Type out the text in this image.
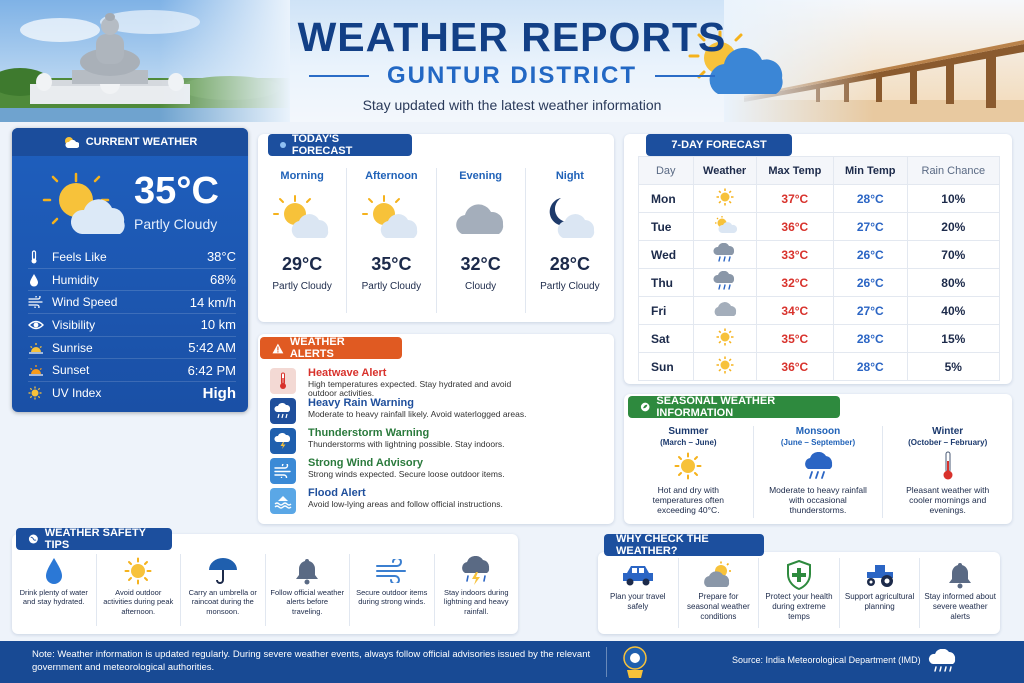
WEATHER REPORTS
GUNTUR DISTRICT
Stay updated with the latest weather information
CURRENT WEATHER
35°C
Partly Cloudy
Feels Like	38°C
Humidity	68%
Wind Speed	14 km/h
Visibility	10 km
Sunrise	5:42 AM
Sunset	6:42 PM
UV Index	High
TODAY'S FORECAST
Morning
29°C
Partly Cloudy
Afternoon
35°C
Partly Cloudy
Evening
32°C
Cloudy
Night
28°C
Partly Cloudy
7-DAY FORECAST
Day	Weather	Max Temp	Min Temp	Rain Chance
Mon		37°C	28°C	10%
Tue		36°C	27°C	20%
Wed		33°C	26°C	70%
Thu		32°C	26°C	80%
Fri		34°C	27°C	40%
Sat		35°C	28°C	15%
Sun		36°C	28°C	5%
WEATHER ALERTS
Heatwave Alert
High temperatures expected. Stay hydrated and avoid outdoor activities.
Heavy Rain Warning
Moderate to heavy rainfall likely. Avoid waterlogged areas.
Thunderstorm Warning
Thunderstorms with lightning possible. Stay indoors.
Strong Wind Advisory
Strong winds expected. Secure loose outdoor items.
Flood Alert
Avoid low-lying areas and follow official instructions.
SEASONAL WEATHER INFORMATION
Summer
(March – June)
Hot and dry with temperatures often exceeding 40°C.
Monsoon
(June – September)
Moderate to heavy rainfall with occasional thunderstorms.
Winter
(October – February)
Pleasant weather with cooler mornings and evenings.
WEATHER SAFETY TIPS
Drink plenty of water and stay hydrated.
Avoid outdoor activities during peak afternoon.
Carry an umbrella or raincoat during the monsoon.
Follow official weather alerts before traveling.
Secure outdoor items during strong winds.
Stay indoors during lightning and heavy rainfall.
WHY CHECK THE WEATHER?
Plan your travel safely
Prepare for seasonal weather conditions
Protect your health during extreme temps
Support agricultural planning
Stay informed about severe weather alerts
Note: Weather information is updated regularly. During severe weather events, always follow official advisories issued by the relevant government and meteorological authorities.
Source: India Meteorological Department (IMD)
